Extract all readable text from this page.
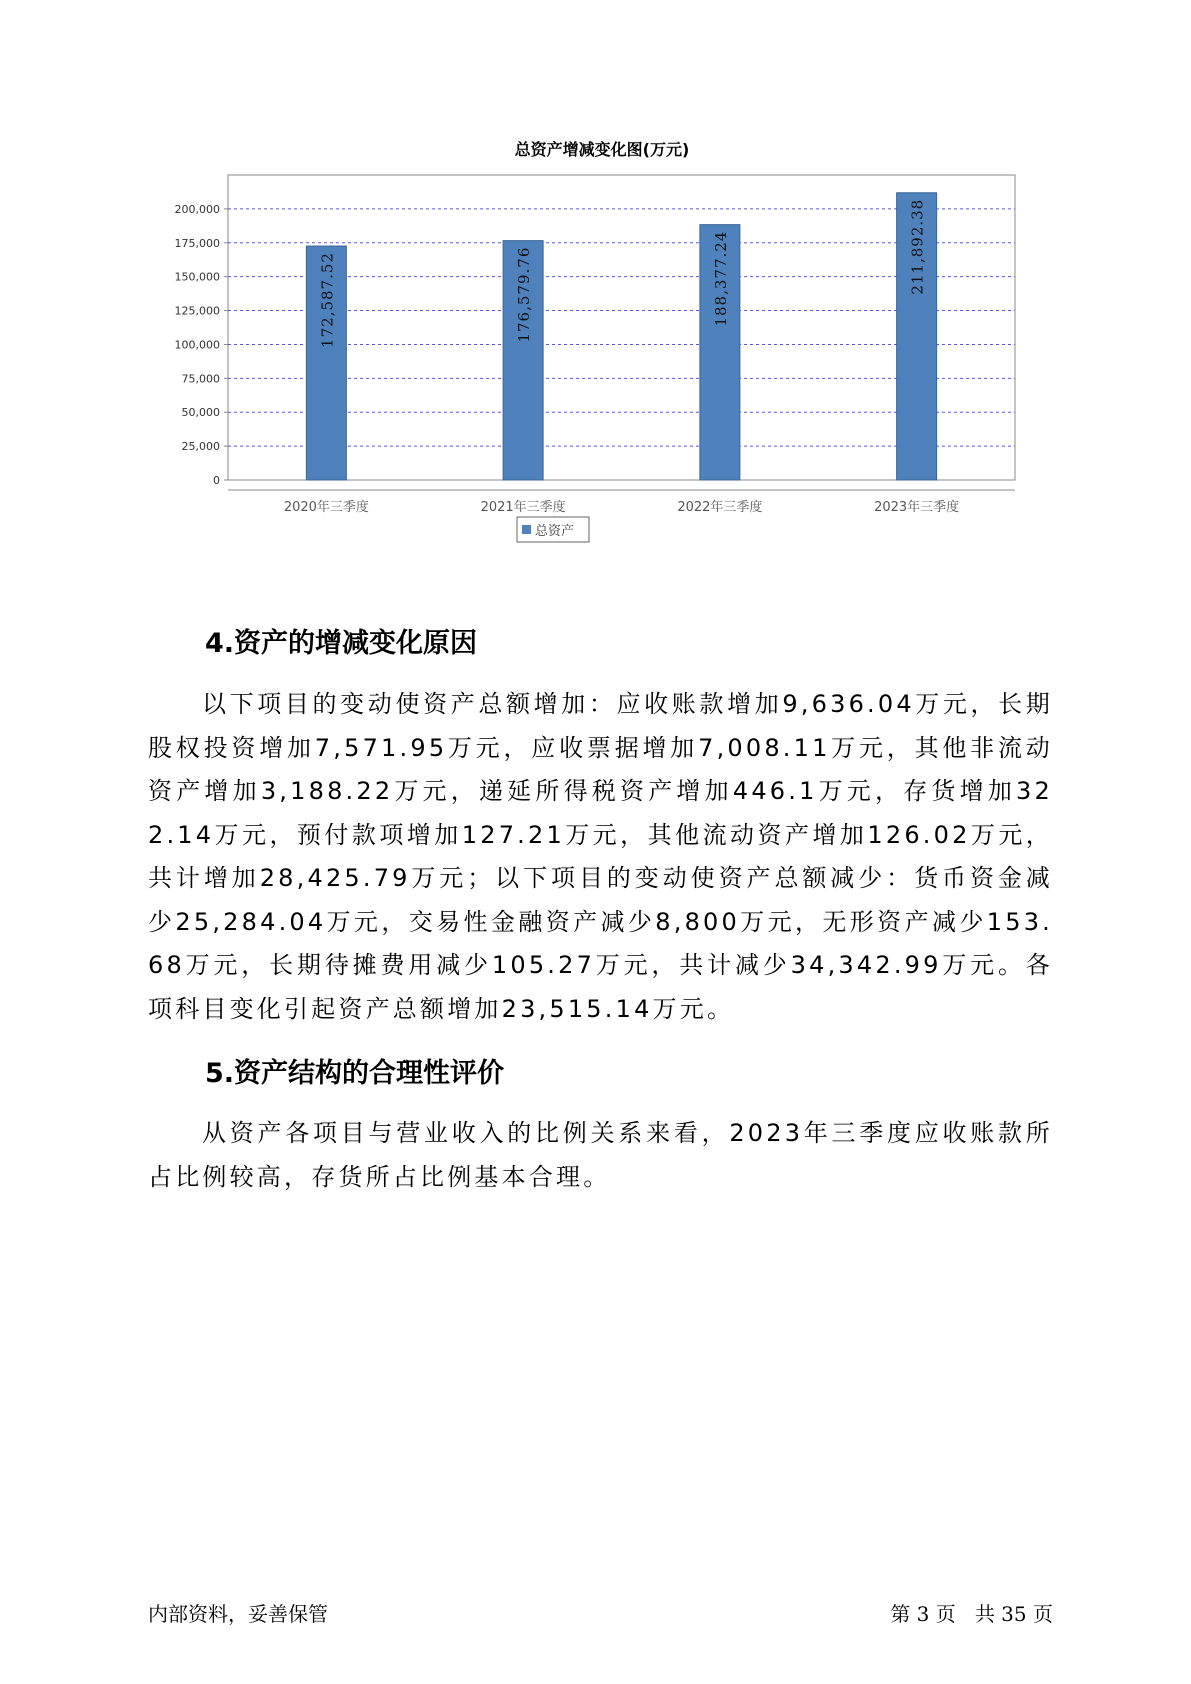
总资产增减变化图(万元)
0
25,000
50,000
75,000
100,000
125,000
150,000
175,000
200,000
172,587.52
2020年三季度
176,579.76
2021年三季度
188,377.24
2022年三季度
211,892.38
2023年三季度
总资产
4.资产的增减变化原因

以下项目的变动使资产总额增加：应收账款增加9,636.04万元，长期股权投资增加7,571.95万元，应收票据增加7,008.11万元，其他非流动资产增加3,188.22万元，递延所得税资产增加446.1万元，存货增加322.14万元，预付款项增加127.21万元，其他流动资产增加126.02万元，共计增加28,425.79万元；以下项目的变动使资产总额减少：货币资金减少25,284.04万元，交易性金融资产减少8,800万元，无形资产减少153.68万元，长期待摊费用减少105.27万元，共计减少34,342.99万元。各项科目变化引起资产总额增加23,515.14万元。

5.资产结构的合理性评价

从资产各项目与营业收入的比例关系来看，2023年三季度应收账款所占比例较高，存货所占比例基本合理。

内部资料，妥善保管	第 3 页   共 35 页
